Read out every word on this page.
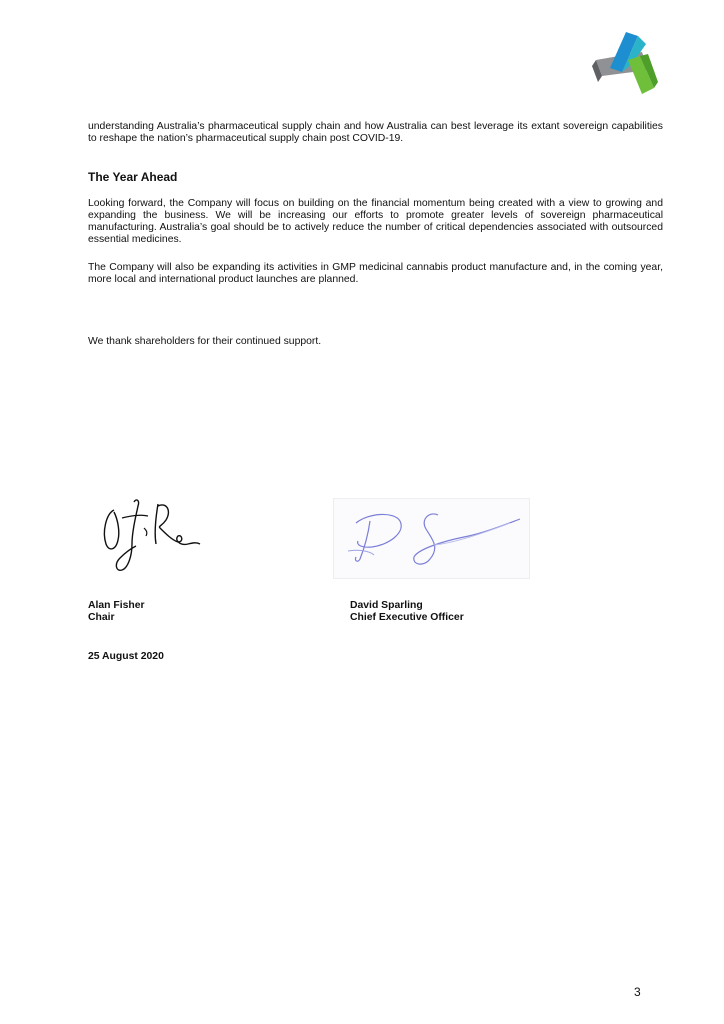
understanding Australia’s pharmaceutical supply chain and how Australia can best leverage its extant sovereign capabilities to reshape the nation’s pharmaceutical supply chain post COVID-19.

The Year Ahead

Looking forward, the Company will focus on building on the financial momentum being created with a view to growing and expanding the business. We will be increasing our efforts to promote greater levels of sovereign pharmaceutical manufacturing. Australia’s goal should be to actively reduce the number of critical dependencies associated with outsourced essential medicines.

The Company will also be expanding its activities in GMP medicinal cannabis product manufacture and, in the coming year, more local and international product launches are planned.

We thank shareholders for their continued support.

Alan Fisher
Chair
David Sparling
Chief Executive Officer
25 August 2020
3
